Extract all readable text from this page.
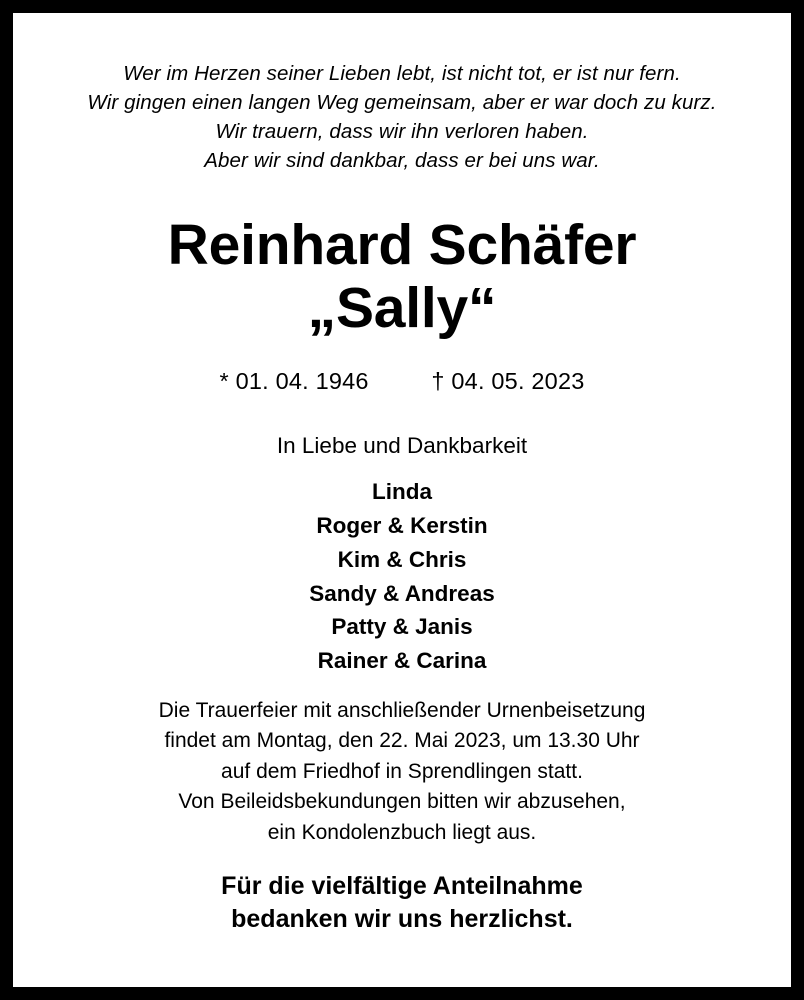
Wer im Herzen seiner Lieben lebt, ist nicht tot, er ist nur fern.
Wir gingen einen langen Weg gemeinsam, aber er war doch zu kurz.
Wir trauern, dass wir ihn verloren haben.
Aber wir sind dankbar, dass er bei uns war.
Reinhard Schäfer
„Sally“
* 01. 04. 1946	† 04. 05. 2023
In Liebe und Dankbarkeit
Linda
Roger & Kerstin
Kim & Chris
Sandy & Andreas
Patty & Janis
Rainer & Carina
Die Trauerfeier mit anschließender Urnenbeisetzung
findet am Montag, den 22. Mai 2023, um 13.30 Uhr
auf dem Friedhof in Sprendlingen statt.
Von Beileidsbekundungen bitten wir abzusehen,
ein Kondolenzbuch liegt aus.
Für die vielfältige Anteilnahme
bedanken wir uns herzlichst.
